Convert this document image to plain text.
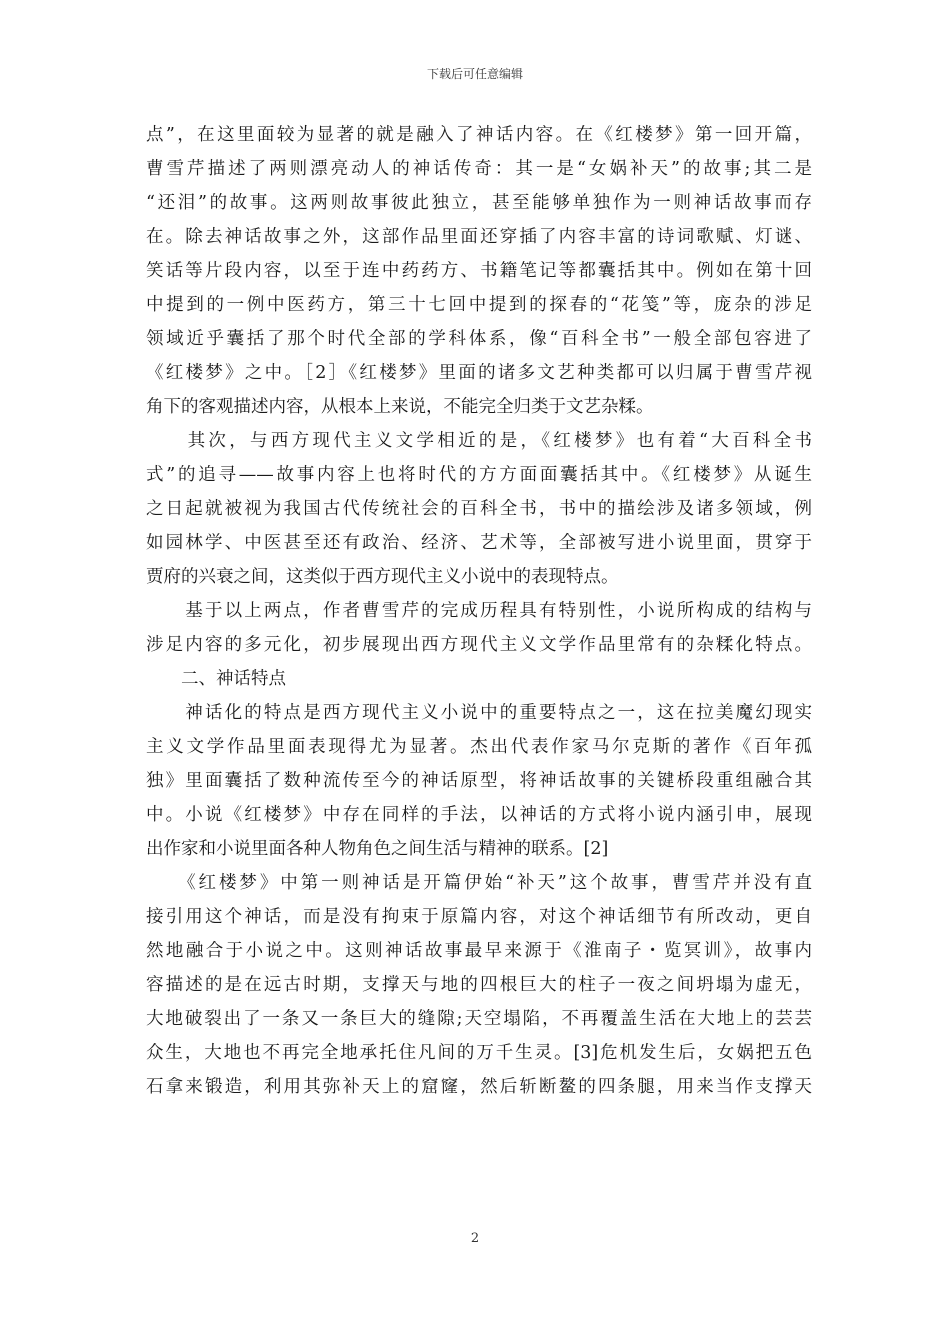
下载后可任意编辑
点”，在这里面较为显著的就是融入了神话内容。在《红楼梦》第一回开篇，
曹雪芹描述了两则漂亮动人的神话传奇：其一是“女娲补天”的故事;其二是
“还泪”的故事。这两则故事彼此独立，甚至能够单独作为一则神话故事而存
在。除去神话故事之外，这部作品里面还穿插了内容丰富的诗词歌赋、灯谜、
笑话等片段内容，以至于连中药药方、书籍笔记等都囊括其中。例如在第十回
中提到的一例中医药方，第三十七回中提到的探春的“花笺”等，庞杂的涉足
领域近乎囊括了那个时代全部的学科体系，像“百科全书”一般全部包容进了
《红楼梦》之中。［2］《红楼梦》里面的诸多文艺种类都可以归属于曹雪芹视
角下的客观描述内容，从根本上来说，不能完全归类于文艺杂糅。
　　其次，与西方现代主义文学相近的是，《红楼梦》也有着“大百科全书
式”的追寻——故事内容上也将时代的方方面面囊括其中。《红楼梦》从诞生
之日起就被视为我国古代传统社会的百科全书，书中的描绘涉及诸多领域，例
如园林学、中医甚至还有政治、经济、艺术等，全部被写进小说里面，贯穿于
贾府的兴衰之间，这类似于西方现代主义小说中的表现特点。
　　基于以上两点，作者曹雪芹的完成历程具有特别性，小说所构成的结构与
涉足内容的多元化，初步展现出西方现代主义文学作品里常有的杂糅化特点。
　　二、神话特点
　　神话化的特点是西方现代主义小说中的重要特点之一，这在拉美魔幻现实
主义文学作品里面表现得尤为显著。杰出代表作家马尔克斯的著作《百年孤
独》里面囊括了数种流传至今的神话原型，将神话故事的关键桥段重组融合其
中。小说《红楼梦》中存在同样的手法，以神话的方式将小说内涵引申，展现
出作家和小说里面各种人物角色之间生活与精神的联系。[2]
　　《红楼梦》中第一则神话是开篇伊始“补天”这个故事，曹雪芹并没有直
接引用这个神话，而是没有拘束于原篇内容，对这个神话细节有所改动，更自
然地融合于小说之中。这则神话故事最早来源于《淮南子・览冥训》，故事内
容描述的是在远古时期，支撑天与地的四根巨大的柱子一夜之间坍塌为虚无，
大地破裂出了一条又一条巨大的缝隙;天空塌陷，不再覆盖生活在大地上的芸芸
众生，大地也不再完全地承托住凡间的万千生灵。[3]危机发生后，女娲把五色
石拿来锻造，利用其弥补天上的窟窿，然后斩断鳌的四条腿，用来当作支撑天
2
